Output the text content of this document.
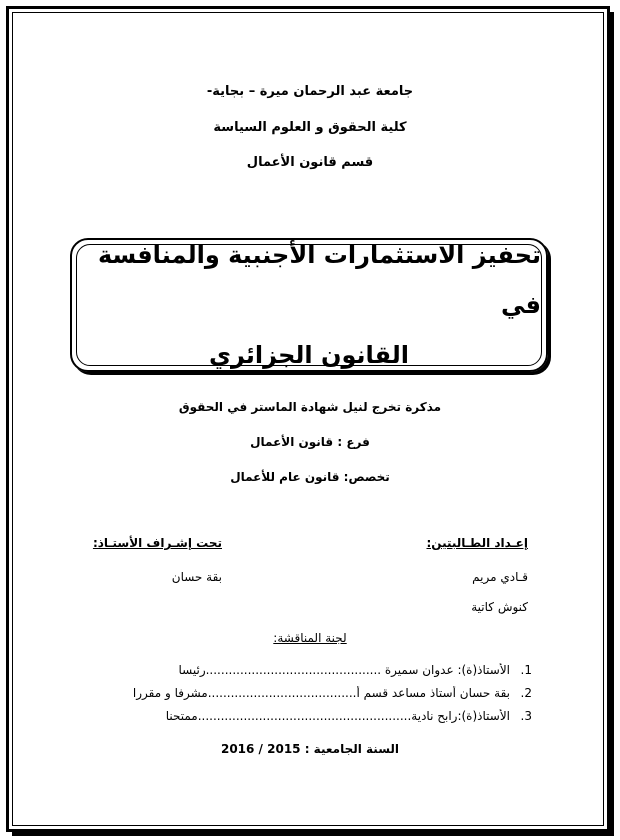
جامعة عبد الرحمان ميرة – بجاية-
كلية الحقوق و العلوم السياسة
قسم قانون الأعمال
تحفيز الاستثمارات الأجنبية والمنافسة في
القانون الجزائري
مذكرة تخرج لنيل شهادة الماستر في الحقوق
فرع : قانون الأعمال
تخصص: قانون عام للأعمال
إعـداد الطـالبتين:
قـادي مريم
كنوش كاتية
تحت إشـراف الأستـاذ:
بقة حسان
لجنة المناقشة:
1.الأستاذ(ة): عدوان سميرة ..............................................رئيسا
2.بقة حسان أستاذ مساعد قسم أ.......................................مشرفا و مقررا
3.الأستاذ(ة):رابح نادية........................................................ممتحنا
السنة الجامعية : 2015 / 2016
